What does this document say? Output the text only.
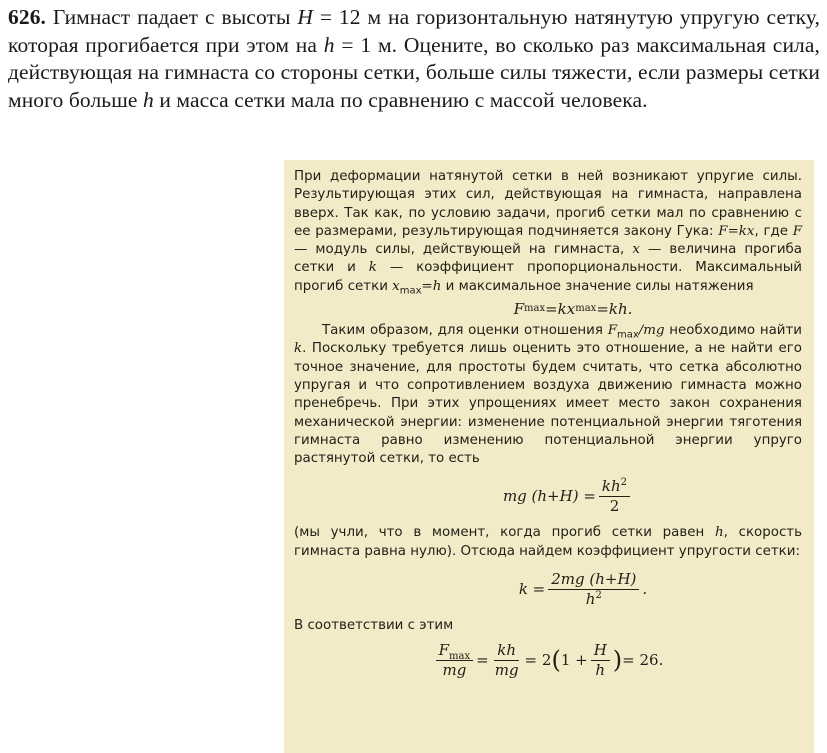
626. Гимнаст падает с высоты H = 12 м на горизонтальную натянутую упругую сетку, которая прогибается при этом на h = 1 м. Оцените, во сколько раз максимальная сила, действующая на гимнаста со стороны сетки, больше силы тяжести, если размеры сетки много больше h и масса сетки мала по сравнению с массой человека.

При деформации натянутой сетки в ней возникают упругие силы. Результирующая этих сил, действующая на гимнаста, направлена вверх. Так как, по условию задачи, прогиб сетки мал по сравнению с ее размерами, результирующая подчиняется закону Гука: F=kx, где F — модуль силы, действующей на гимнаста, x — величина прогиба сетки и k — коэффициент пропорциональности. Максимальный прогиб сетки $x_{max}=h$ и максимальное значение силы натяжения

F max =kx max =kh.

Таким образом, для оценки отношения $F_{max}/mg$ необходимо найти k. Поскольку требуется лишь оценить это отношение, а не найти его точное значение, для простоты будем считать, что сетка абсолютно упругая и что сопротивлением воздуха движению гимнаста можно пренебречь. При этих упрощениях имеет место закон сохранения механической энергии: изменение потенциальной энергии тяготения гимнаста равно изменению потенциальной энергии упруго растянутой сетки, то есть

mg $(h+H) = \frac{kh^2}{2}$

(мы учли, что в момент, когда прогиб сетки равен h, скорость гимнаста равна нулю). Отсюда найдем коэффициент упругости сетки:

$k = \frac{2mg (h+H)}{h^2}$ .

В соответствии с этим

$\frac{F_{max}}{mg} = \frac{kh}{mg} = 2$ ( $1 + \frac{H}{h}$ ) = 26.
